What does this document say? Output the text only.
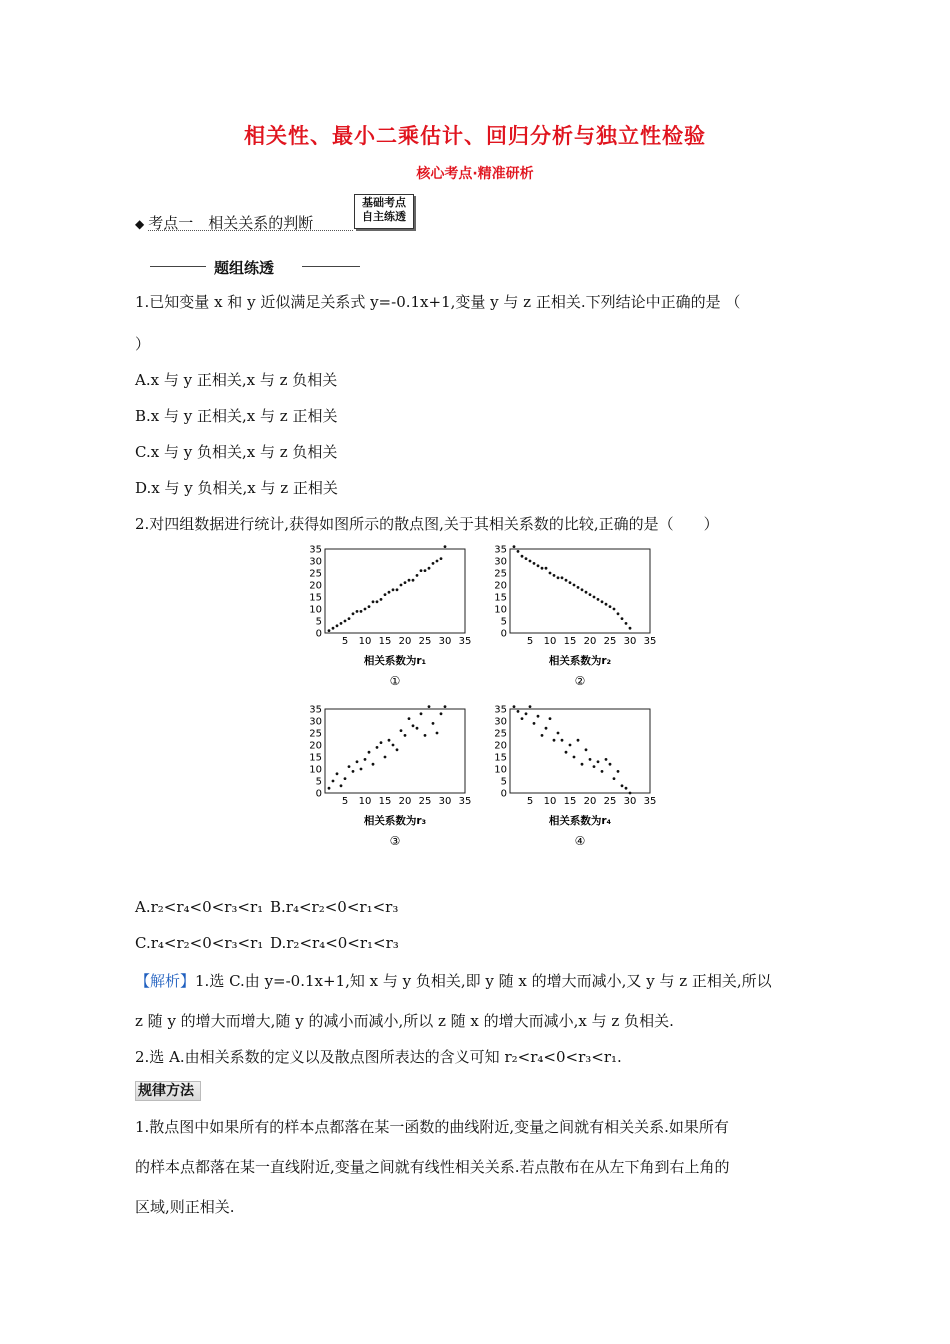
相关性、最小二乘估计、回归分析与独立性检验
核心考点·精准研析
◆ 考点一　相关关系的判断
基础考点
自主练透
题组练透
1.已知变量 x 和 y 近似满足关系式 y=-0.1x+1,变量 y 与 z 正相关.下列结论中正确的是 （
）
A.x 与 y 正相关,x 与 z 负相关
B.x 与 y 正相关,x 与 z 正相关
C.x 与 y 负相关,x 与 z 负相关
D.x 与 y 负相关,x 与 z 正相关
2.对四组数据进行统计,获得如图所示的散点图,关于其相关系数的比较,正确的是（　　）
0
5
5
10
10
15
15
20
20
25
25
30
30
35
35
相关系数为r₁
①
0
5
5
10
10
15
15
20
20
25
25
30
30
35
35
相关系数为r₂
②
0
5
5
10
10
15
15
20
20
25
25
30
30
35
35
相关系数为r₃
③
0
5
5
10
10
15
15
20
20
25
25
30
30
35
35
相关系数为r₄
④
A.r₂<r₄<0<r₃<r₁ B.r₄<r₂<0<r₁<r₃
C.r₄<r₂<0<r₃<r₁ D.r₂<r₄<0<r₁<r₃
【解析】1.选 C.由 y=-0.1x+1,知 x 与 y 负相关,即 y 随 x 的增大而减小,又 y 与 z 正相关,所以
z 随 y 的增大而增大,随 y 的减小而减小,所以 z 随 x 的增大而减小,x 与 z 负相关.
2.选 A.由相关系数的定义以及散点图所表达的含义可知 r₂<r₄<0<r₃<r₁.
规律方法
1.散点图中如果所有的样本点都落在某一函数的曲线附近,变量之间就有相关关系.如果所有
的样本点都落在某一直线附近,变量之间就有线性相关关系.若点散布在从左下角到右上角的
区域,则正相关.
